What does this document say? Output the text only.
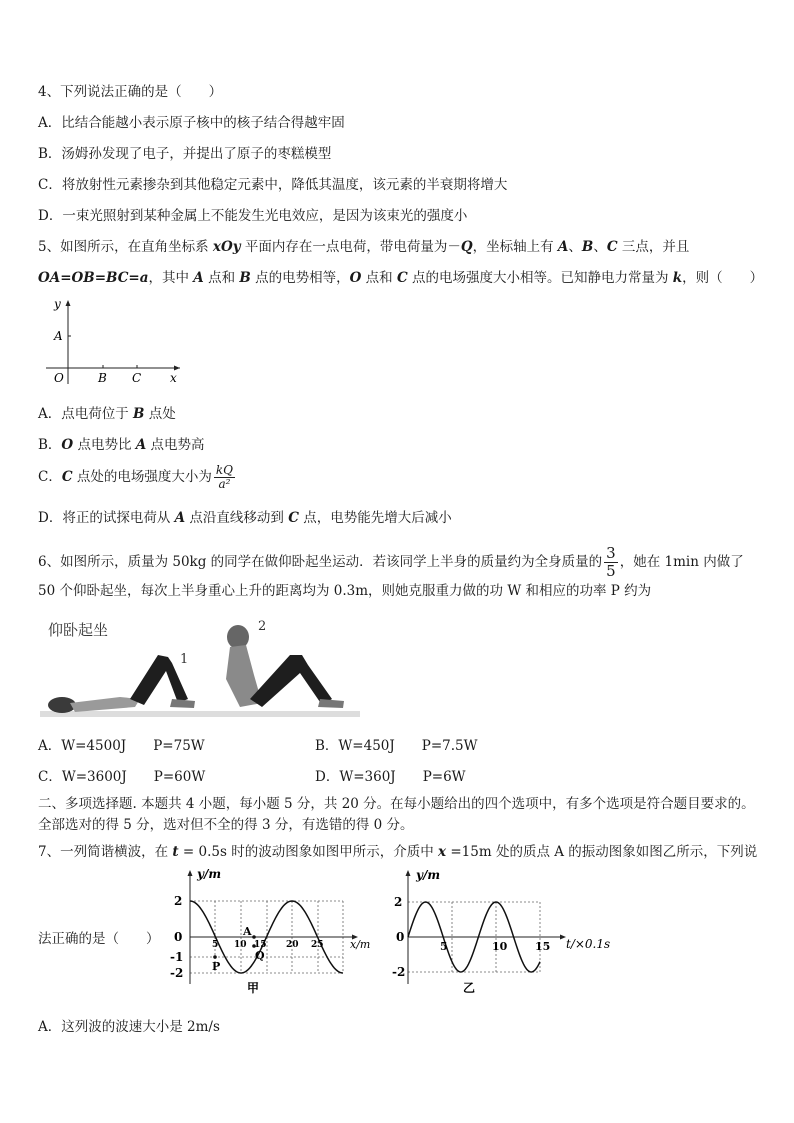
4、下列说法正确的是（　　）
A．比结合能越小表示原子核中的核子结合得越牢固
B．汤姆孙发现了电子，并提出了原子的枣糕模型
C．将放射性元素掺杂到其他稳定元素中，降低其温度，该元素的半衰期将增大
D．一束光照射到某种金属上不能发生光电效应，是因为该束光的强度小
5、如图所示，在直角坐标系 xOy 平面内存在一点电荷，带电荷量为－Q，坐标轴上有 A、B、C 三点，并且
OA=OB=BC=a，其中 A 点和 B 点的电势相等，O 点和 C 点的电场强度大小相等。已知静电力常量为 k，则（　　）
y
A
O	B C x
A．点电荷位于 B 点处
B．O 点电势比 A 点电势高
C．C 点处的电场强度大小为 $\frac{kQ}{\text{a²}}$
D．将正的试探电荷从 A 点沿直线移动到 C 点，电势能先增大后减小
6、如图所示，质量为 50kg 的同学在做仰卧起坐运动．若该同学上半身的质量约为全身质量的 $\frac{3}{5}$ ，她在 1min 内做了
50 个仰卧起坐，每次上半身重心上升的距离均为 0.3m，则她克服重力做的功 W 和相应的功率 P 约为
仰卧起坐
1
2
A．W=4500J　　P=75W	B．W=450J　　P=7.5W
C．W=3600J　　P=60W	D．W=360J　　P=6W
二、多项选择题. 本题共 4 小题，每小题 5 分，共 20 分。在每小题给出的四个选项中，有多个选项是符合题目要求的。
全部选对的得 5 分，选对但不全的得 3 分，有选错的得 0 分。
7、一列简谐横波，在 t = 0.5s 时的波动图象如图甲所示，介质中 x =15m 处的质点 A 的振动图象如图乙所示，下列说
法正确的是（　　）
y/m
x/m
2
0
-1
-2
5 10 15 20 25
A
P
Q
甲
y/m
t/×0.1s
2
0
-2
5	10	15
乙
A．这列波的波速大小是 2m/s
